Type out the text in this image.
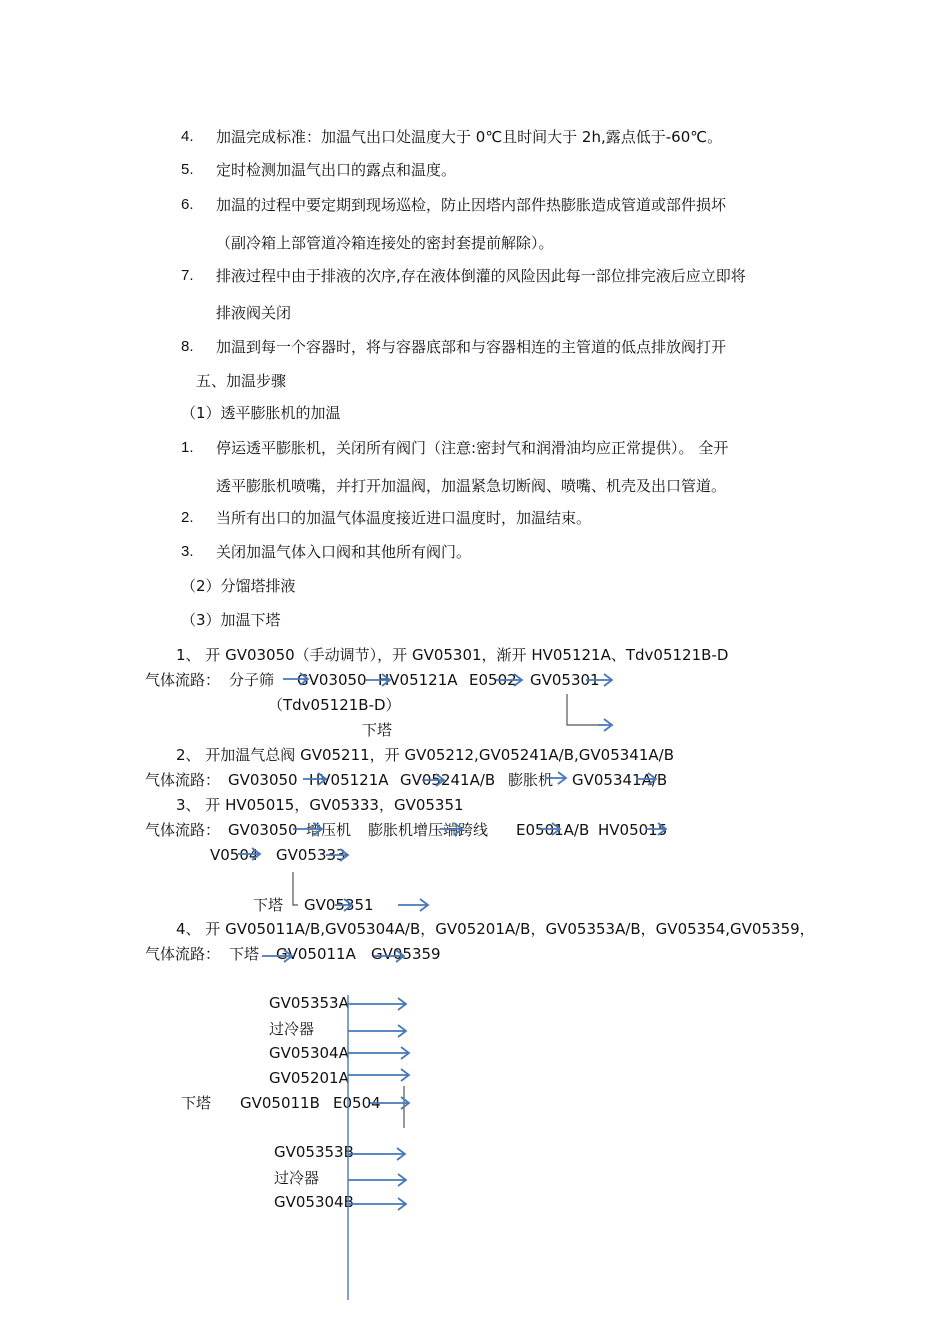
4. 加温完成标准：加温气出口处温度大于 0℃且时间大于 2h,露点低于-60℃。
5. 定时检测加温气出口的露点和温度。
6. 加温的过程中要定期到现场巡检，防止因塔内部件热膨胀造成管道或部件损坏
（副冷箱上部管道冷箱连接处的密封套提前解除）。
7. 排液过程中由于排液的次序,存在液体倒灌的风险因此每一部位排完液后应立即将
排液阀关闭
8. 加温到每一个容器时，将与容器底部和与容器相连的主管道的低点排放阀打开
五、加温步骤
（1）透平膨胀机的加温
1. 停运透平膨胀机，关闭所有阀门（注意:密封气和润滑油均应正常提供）。 全开
透平膨胀机喷嘴，并打开加温阀，加温紧急切断阀、喷嘴、机壳及出口管道。
2. 当所有出口的加温气体温度接近进口温度时，加温结束。
3. 关闭加温气体入口阀和其他所有阀门。
（2）分馏塔排液
（3）加温下塔
1、 开 GV03050（手动调节），开 GV05301，渐开 HV05121A、Tdv05121B-D
气体流路： 分子筛 GV03050 HV05121A E0502 GV05301
（Tdv05121B-D）
下塔
2、 开加温气总阀 GV05211，开 GV05212,GV05241A/B,GV05341A/B
气体流路： GV03050 HV05121A GV05241A/B 膨胀机 GV05341A/B
3、 开 HV05015，GV05333，GV05351
气体流路： GV03050 增压机 膨胀机增压端跨线 E0501A/B HV05015
V0504 GV05333
下塔 GV05351
4、 开 GV05011A/B,GV05304A/B，GV05201A/B，GV05353A/B，GV05354,GV05359，
气体流路： 下塔 GV05011A GV05359
GV05353A
过冷器
GV05304A
GV05201A
下塔 GV05011B E0504
GV05353B
过冷器
GV05304B
